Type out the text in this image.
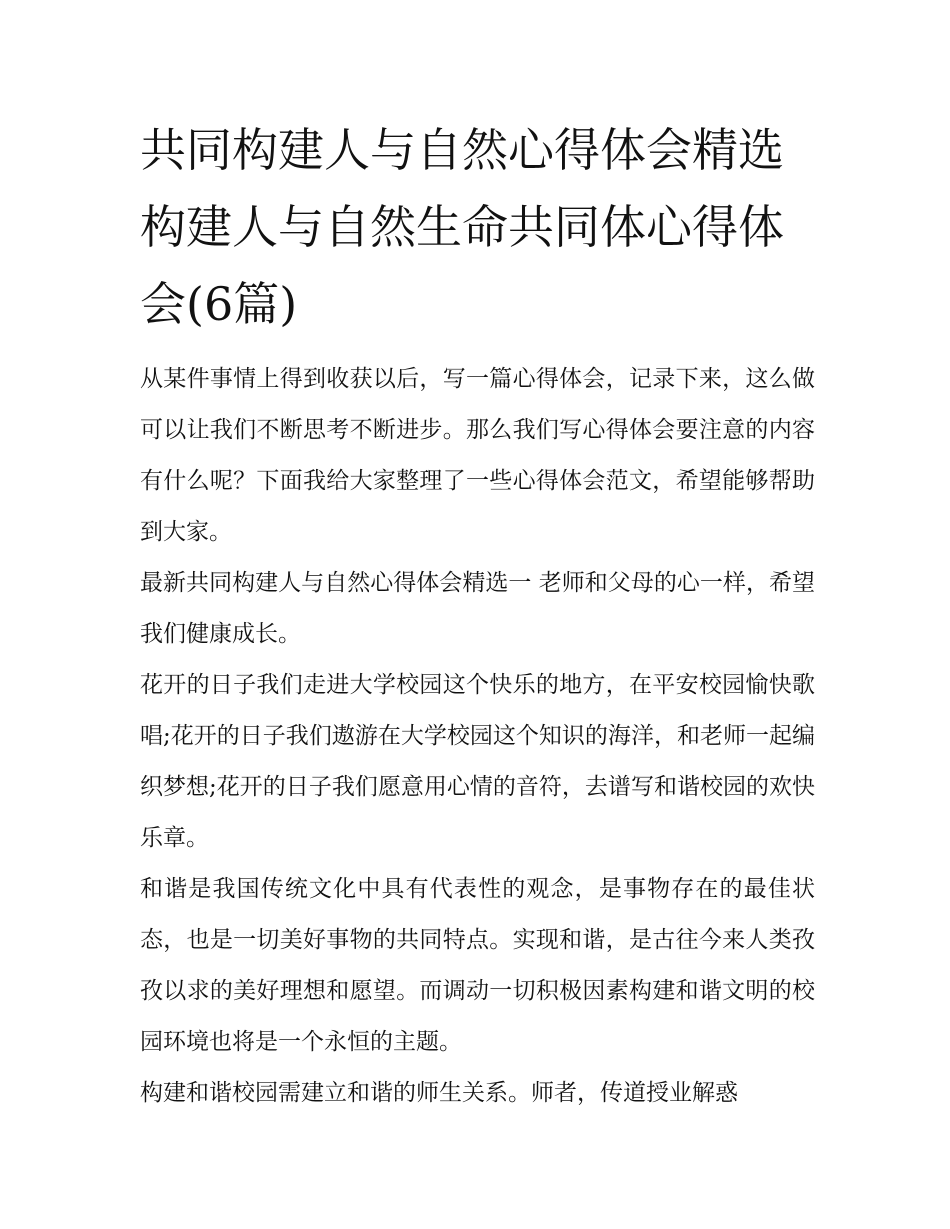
共同构建人与自然心得体会精选 构建人与自然生命共同体心得体会(6篇)

从某件事情上得到收获以后，写一篇心得体会，记录下来，这么做可以让我们不断思考不断进步。那么我们写心得体会要注意的内容有什么呢？下面我给大家整理了一些心得体会范文，希望能够帮助到大家。

最新共同构建人与自然心得体会精选一 老师和父母的心一样，希望我们健康成长。

花开的日子我们走进大学校园这个快乐的地方，在平安校园愉快歌唱;花开的日子我们遨游在大学校园这个知识的海洋，和老师一起编织梦想;花开的日子我们愿意用心情的音符，去谱写和谐校园的欢快乐章。

和谐是我国传统文化中具有代表性的观念，是事物存在的最佳状态，也是一切美好事物的共同特点。实现和谐，是古往今来人类孜孜以求的美好理想和愿望。而调动一切积极因素构建和谐文明的校园环境也将是一个永恒的主题。

构建和谐校园需建立和谐的师生关系。师者，传道授业解惑
